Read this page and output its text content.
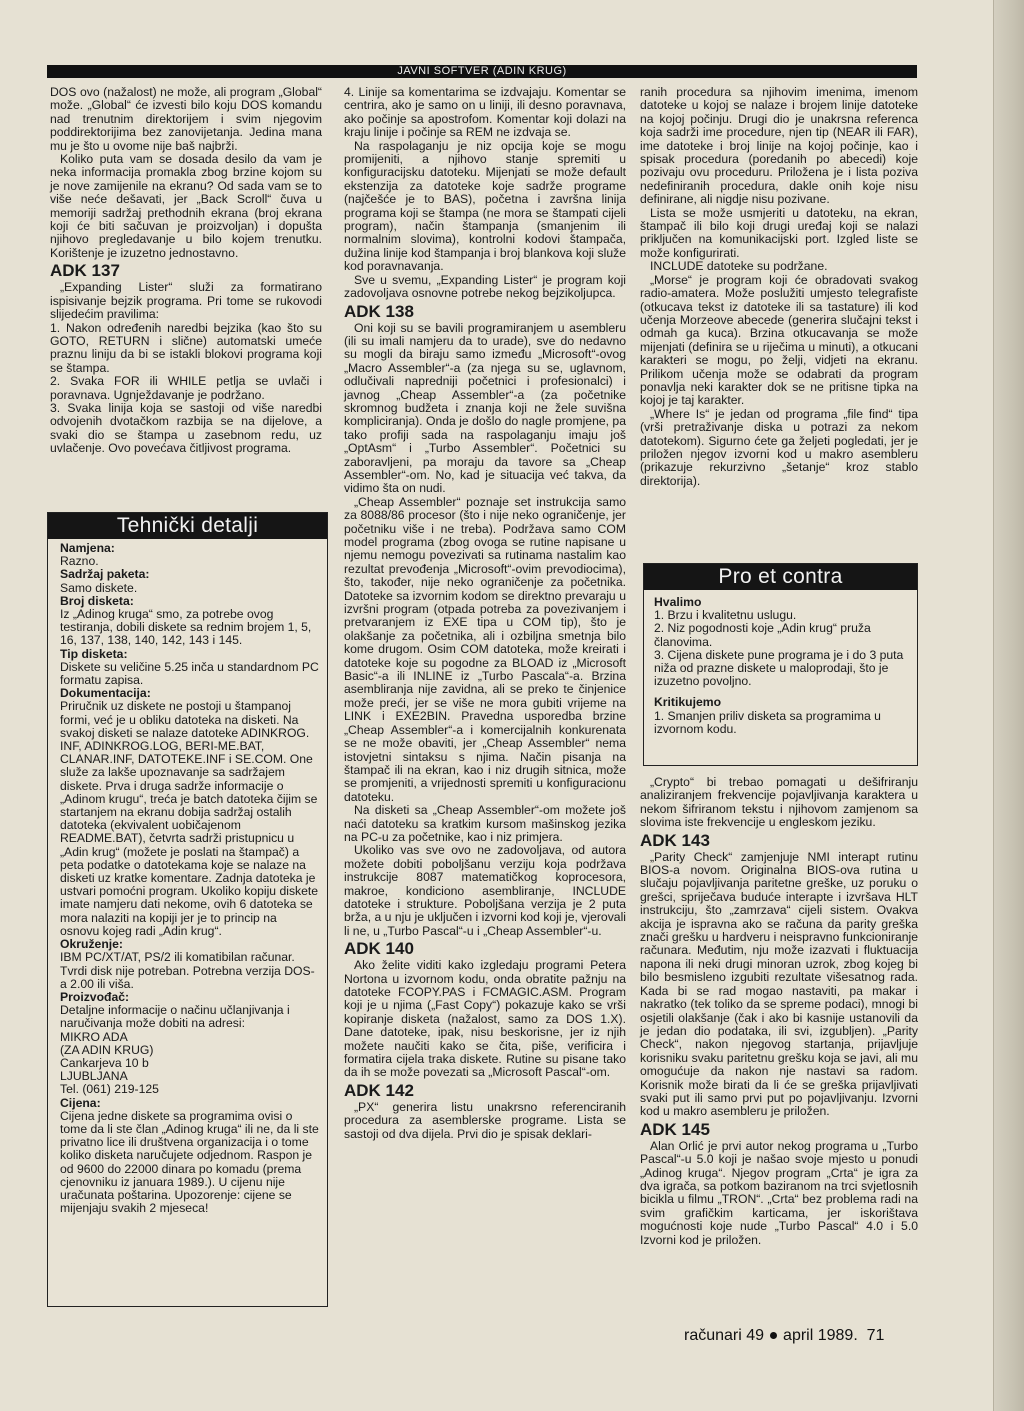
JAVNI SOFTVER (ADIN KRUG)

DOS ovo (nažalost) ne može, ali program „Global“ može. „Global“ će izvesti bilo koju DOS komandu nad trenutnim direktorijem i svim njegovim poddirektorijima bez zanovijetanja. Jedina mana mu je što u ovome nije baš najbrži.

Koliko puta vam se dosada desilo da vam je neka informacija promakla zbog brzine kojom su je nove zamijenile na ekranu? Od sada vam se to više neće dešavati, jer „Back Scroll“ čuva u memoriji sadržaj prethodnih ekrana (broj ekrana koji će biti sačuvan je proizvoljan) i dopušta njihovo pregledavanje u bilo kojem trenutku. Korištenje je izuzetno jednostavno.

ADK 137

„Expanding Lister“ služi za formatirano ispisivanje bejzik programa. Pri tome se rukovodi slijedećim pravilima:

1. Nakon određenih naredbi bejzika (kao što su GOTO, RETURN i slične) automatski umeće praznu liniju da bi se istakli blokovi programa koji se štampa.

2. Svaka FOR ili WHILE petlja se uvlači i poravnava. Ugnježdavanje je podržano.

3. Svaka linija koja se sastoji od više naredbi odvojenih dvotačkom razbija se na dijelove, a svaki dio se štampa u zasebnom redu, uz uvlačenje. Ovo povećava čitljivost programa.

Tehnički detalji
Namjena:
Razno.
Sadržaj paketa:
Samo diskete.
Broj disketa:
Iz „Adinog kruga“ smo, za potrebe ovog testiranja, dobili diskete sa rednim brojem 1, 5, 16, 137, 138, 140, 142, 143 i 145.
Tip disketa:
Diskete su veličine 5.25 inča u standardnom PC formatu zapisa.
Dokumentacija:
Priručnik uz diskete ne postoji u štampanoj formi, već je u obliku datoteka na disketi. Na svakoj disketi se nalaze datoteke ADINKROG. INF, ADINKROG.LOG, BERI-ME.BAT, CLANAR.INF, DATOTEKE.INF i SE.COM. One služe za lakše upoznavanje sa sadržajem diskete. Prva i druga sadrže informacije o „Adinom krugu“, treća je batch datoteka čijim se startanjem na ekranu dobija sadržaj ostalih datoteka (ekvivalent uobičajenom README.BAT), četvrta sadrži pristupnicu u „Adin krug“ (možete je poslati na štampač) a peta podatke o datotekama koje se nalaze na disketi uz kratke komentare. Zadnja datoteka je ustvari pomoćni program. Ukoliko kopiju diskete imate namjeru dati nekome, ovih 6 datoteka se mora nalaziti na kopiji jer je to princip na osnovu kojeg radi „Adin krug“.
Okruženje:
IBM PC/XT/AT, PS/2 ili komatibilan računar. Tvrdi disk nije potreban. Potrebna verzija DOS-a 2.00 ili viša.
Proizvođač:
Detaljne informacije o načinu učlanjivanja i naručivanja može dobiti na adresi:
MIKRO ADA
(ZA ADIN KRUG)
Cankarjeva 10 b
LJUBLJANA
Tel. (061) 219-125
Cijena:
Cijena jedne diskete sa programima ovisi o tome da li ste član „Adinog kruga“ ili ne, da li ste privatno lice ili društvena organizacija i o tome koliko disketa naručujete odjednom. Raspon je od 9600 do 22000 dinara po komadu (prema cjenovniku iz januara 1989.). U cijenu nije uračunata poštarina. Upozorenje: cijene se mijenjaju svakih 2 mjeseca!

4. Linije sa komentarima se izdvajaju. Komentar se centrira, ako je samo on u liniji, ili desno poravnava, ako počinje sa apostrofom. Komentar koji dolazi na kraju linije i počinje sa REM ne izdvaja se.

Na raspolaganju je niz opcija koje se mogu promijeniti, a njihovo stanje spremiti u konfiguracijsku datoteku. Mijenjati se može default ekstenzija za datoteke koje sadrže programe (najčešće je to BAS), početna i završna linija programa koji se štampa (ne mora se štampati cijeli program), način štampanja (smanjenim ili normalnim slovima), kontrolni kodovi štampača, dužina linije kod štampanja i broj blankova koji služe kod poravnavanja.

Sve u svemu, „Expanding Lister“ je program koji zadovoljava osnovne potrebe nekog bejzikoljupca.

ADK 138

Oni koji su se bavili programiranjem u asembleru (ili su imali namjeru da to urade), sve do nedavno su mogli da biraju samo između „Microsoft“-ovog „Macro Assembler“-a (za njega su se, uglavnom, odlučivali napredniji početnici i profesionalci) i javnog „Cheap Assembler“-a (za početnike skromnog budžeta i znanja koji ne žele suvišna kompliciranja). Onda je došlo do nagle promjene, pa tako profiji sada na raspolaganju imaju još „OptAsm“ i „Turbo Assembler“. Početnici su zaboravljeni, pa moraju da tavore sa „Cheap Assembler“-om. No, kad je situacija već takva, da vidimo šta on nudi.

„Cheap Assembler“ poznaje set instrukcija samo za 8088/86 procesor (što i nije neko ograničenje, jer početniku više i ne treba). Podržava samo COM model programa (zbog ovoga se rutine napisane u njemu nemogu povezivati sa rutinama nastalim kao rezultat prevođenja „Microsoft“-ovim prevodiocima), što, također, nije neko ograničenje za početnika. Datoteke sa izvornim kodom se direktno prevaraju u izvršni program (otpada potreba za povezivanjem i pretvaranjem iz EXE tipa u COM tip), što je olakšanje za početnika, ali i ozbiljna smetnja bilo kome drugom. Osim COM datoteka, može kreirati i datoteke koje su pogodne za BLOAD iz „Microsoft Basic“-a ili INLINE iz „Turbo Pascala“-a. Brzina asembliranja nije zavidna, ali se preko te činjenice može preći, jer se više ne mora gubiti vrijeme na LINK i EXE2BIN. Pravedna usporedba brzine „Cheap Assembler“-a i komercijalnih konkurenata se ne može obaviti, jer „Cheap Assembler“ nema istovjetni sintaksu s njima. Način pisanja na štampač ili na ekran, kao i niz drugih sitnica, može se promjeniti, a vrijednosti spremiti u konfiguracionu datoteku.

Na disketi sa „Cheap Assembler“-om možete još naći datoteku sa kratkim kursom mašinskog jezika na PC-u za početnike, kao i niz primjera.

Ukoliko vas sve ovo ne zadovoljava, od autora možete dobiti poboljšanu verziju koja podržava instrukcije 8087 matematičkog koprocesora, makroe, kondiciono asembliranje, INCLUDE datoteke i strukture. Poboljšana verzija je 2 puta brža, a u nju je uključen i izvorni kod koji je, vjerovali li ne, u „Turbo Pascal“-u i „Cheap Assembler“-u.

ADK 140

Ako želite viditi kako izgledaju programi Petera Nortona u izvornom kodu, onda obratite pažnju na datoteke FCOPY.PAS i FCMAGIC.ASM. Program koji je u njima („Fast Copy“) pokazuje kako se vrši kopiranje disketa (nažalost, samo za DOS 1.X). Dane datoteke, ipak, nisu beskorisne, jer iz njih možete naučiti kako se čita, piše, verificira i formatira cijela traka diskete. Rutine su pisane tako da ih se može povezati sa „Microsoft Pascal“-om.

ADK 142

„PX“ generira listu unakrsno referenciranih procedura za asemblerske programe. Lista se sastoji od dva dijela. Prvi dio je spisak deklari-

ranih procedura sa njihovim imenima, imenom datoteke u kojoj se nalaze i brojem linije datoteke na kojoj počinju. Drugi dio je unakrsna referenca koja sadrži ime procedure, njen tip (NEAR ili FAR), ime datoteke i broj linije na kojoj počinje, kao i spisak procedura (poredanih po abecedi) koje pozivaju ovu proceduru. Priložena je i lista poziva nedefiniranih procedura, dakle onih koje nisu definirane, ali nigdje nisu pozivane.

Lista se može usmjeriti u datoteku, na ekran, štampač ili bilo koji drugi uređaj koji se nalazi priključen na komunikacijski port. Izgled liste se može konfigurirati.

INCLUDE datoteke su podržane.

„Morse“ je program koji će obradovati svakog radio-amatera. Može poslužiti umjesto telegrafiste (otkucava tekst iz datoteke ili sa tastature) ili kod učenja Morzeove abecede (generira slučajni tekst i odmah ga kuca). Brzina otkucavanja se može mijenjati (definira se u riječima u minuti), a otkucani karakteri se mogu, po želji, vidjeti na ekranu. Prilikom učenja može se odabrati da program ponavlja neki karakter dok se ne pritisne tipka na kojoj je taj karakter.

„Where Is“ je jedan od programa „file find“ tipa (vrši pretraživanje diska u potrazi za nekom datotekom). Sigurno ćete ga željeti pogledati, jer je priložen njegov izvorni kod u makro asembleru (prikazuje rekurzivno „šetanje“ kroz stablo direktorija).

Pro et contra
Hvalimo
1. Brzu i kvalitetnu uslugu.
2. Niz pogodnosti koje „Adin krug“ pruža članovima.
3. Cijena diskete pune programa je i do 3 puta niža od prazne diskete u maloprodaji, što je izuzetno povoljno.
Kritikujemo
1. Smanjen priliv disketa sa programima u izvornom kodu.

„Crypto“ bi trebao pomagati u dešifriranju analiziranjem frekvencije pojavljivanja karaktera u nekom šifriranom tekstu i njihovom zamjenom sa slovima iste frekvencije u engleskom jeziku.

ADK 143

„Parity Check“ zamjenjuje NMI interapt rutinu BIOS-a novom. Originalna BIOS-ova rutina u slučaju pojavljivanja paritetne greške, uz poruku o grešci, spriječava buduće interapte i izvršava HLT instrukciju, što „zamrzava“ cijeli sistem. Ovakva akcija je ispravna ako se računa da parity greška znači grešku u hardveru i neispravno funkcioniranje računara. Međutim, nju može izazvati i fluktuacija napona ili neki drugi minoran uzrok, zbog kojeg bi bilo besmisleno izgubiti rezultate višesatnog rada. Kada bi se rad mogao nastaviti, pa makar i nakratko (tek toliko da se spreme podaci), mnogi bi osjetili olakšanje (čak i ako bi kasnije ustanovili da je jedan dio podataka, ili svi, izgubljen). „Parity Check“, nakon njegovog startanja, prijavljuje korisniku svaku paritetnu grešku koja se javi, ali mu omogućuje da nakon nje nastavi sa radom. Korisnik može birati da li će se greška prijavljivati svaki put ili samo prvi put po pojavljivanju. Izvorni kod u makro asembleru je priložen.

ADK 145

Alan Orlić je prvi autor nekog programa u „Turbo Pascal“-u 5.0 koji je našao svoje mjesto u ponudi „Adinog kruga“. Njegov program „Crta“ je igra za dva igrača, sa potkom baziranom na trci svjetlosnih bicikla u filmu „TRON“. „Crta“ bez problema radi na svim grafičkim karticama, jer iskorištava mogućnosti koje nude „Turbo Pascal“ 4.0 i 5.0 Izvorni kod je priložen.

računari 49 april 1989. 71
